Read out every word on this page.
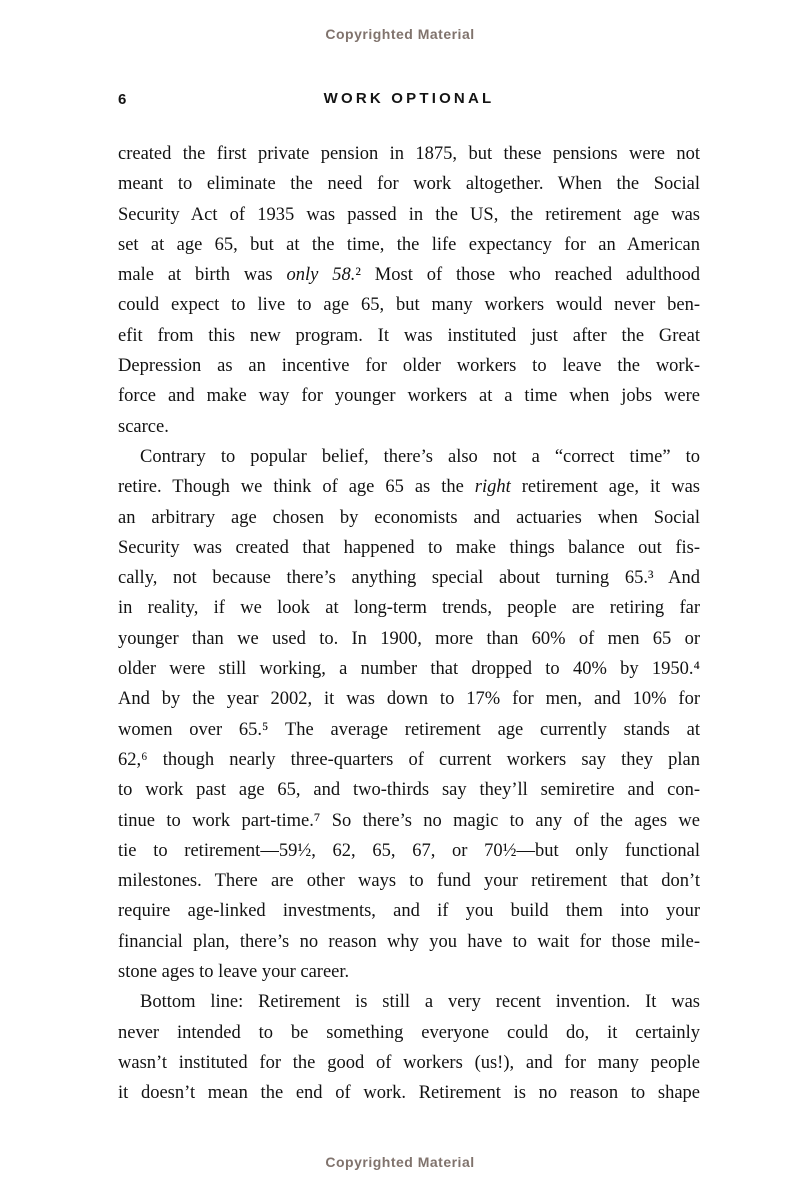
Copyrighted Material
6	WORK OPTIONAL
created the first private pension in 1875, but these pensions were not
meant to eliminate the need for work altogether. When the Social
Security Act of 1935 was passed in the US, the retirement age was
set at age 65, but at the time, the life expectancy for an American
male at birth was only 58.² Most of those who reached adulthood
could expect to live to age 65, but many workers would never ben-
efit from this new program. It was instituted just after the Great
Depression as an incentive for older workers to leave the work-
force and make way for younger workers at a time when jobs were
scarce.
Contrary to popular belief, there’s also not a “correct time” to
retire. Though we think of age 65 as the right retirement age, it was
an arbitrary age chosen by economists and actuaries when Social
Security was created that happened to make things balance out fis-
cally, not because there’s anything special about turning 65.³ And
in reality, if we look at long-term trends, people are retiring far
younger than we used to. In 1900, more than 60% of men 65 or
older were still working, a number that dropped to 40% by 1950.⁴
And by the year 2002, it was down to 17% for men, and 10% for
women over 65.⁵ The average retirement age currently stands at
62,⁶ though nearly three-quarters of current workers say they plan
to work past age 65, and two-thirds say they’ll semiretire and con-
tinue to work part-time.⁷ So there’s no magic to any of the ages we
tie to retirement—59½, 62, 65, 67, or 70½—but only functional
milestones. There are other ways to fund your retirement that don’t
require age-linked investments, and if you build them into your
financial plan, there’s no reason why you have to wait for those mile-
stone ages to leave your career.
Bottom line: Retirement is still a very recent invention. It was
never intended to be something everyone could do, it certainly
wasn’t instituted for the good of workers (us!), and for many people
it doesn’t mean the end of work. Retirement is no reason to shape
Copyrighted Material
